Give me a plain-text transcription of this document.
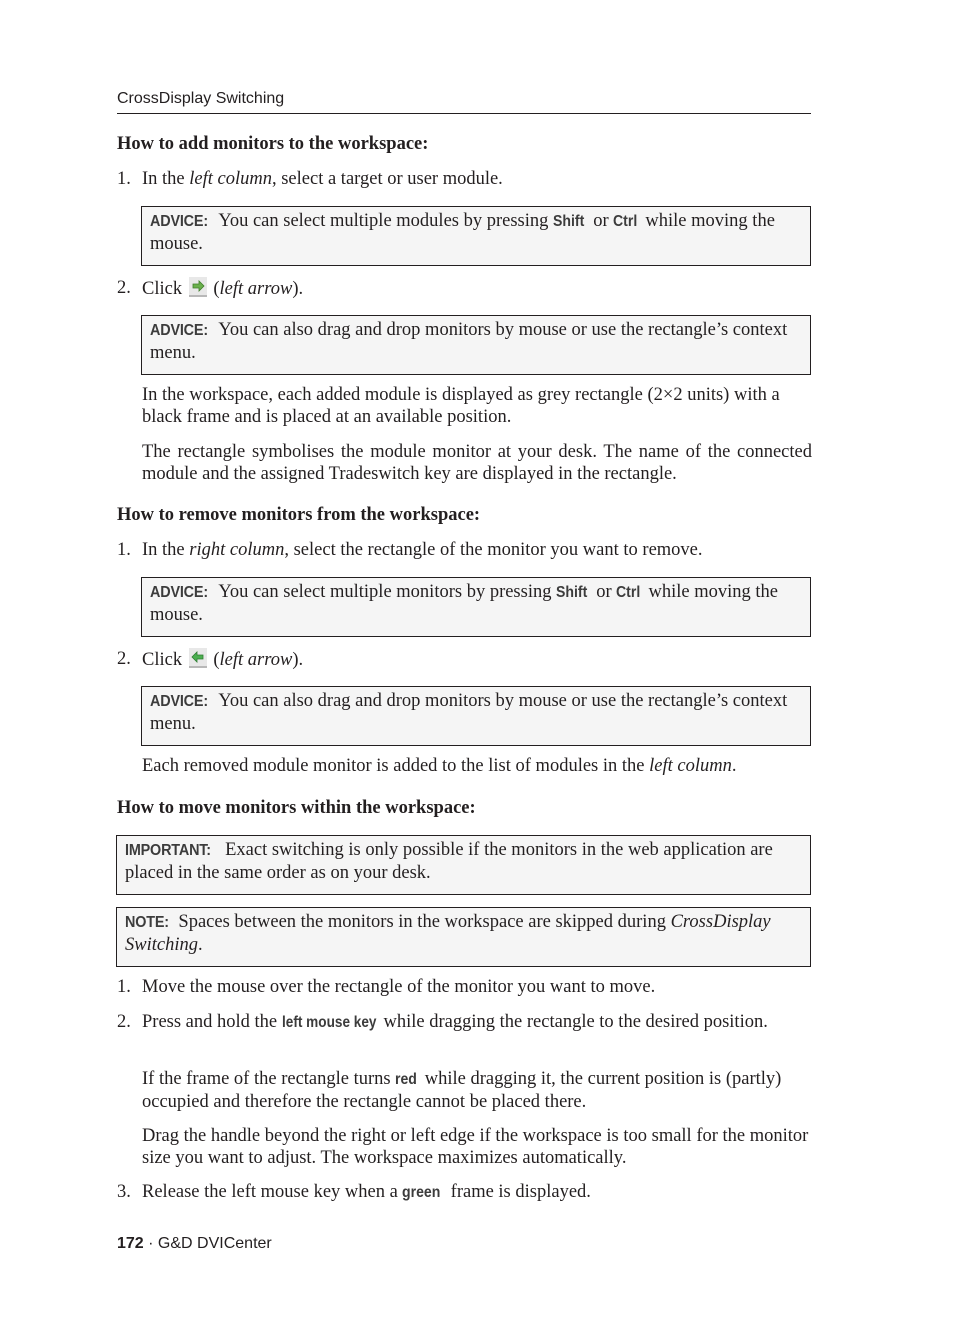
CrossDisplay Switching
How to add monitors to the workspace:
1. In the left column, select a target or user module.
ADVICE: You can select multiple modules by pressing Shift or Ctrl while moving the mouse.
2. Click
(left arrow).
ADVICE: You can also drag and drop monitors by mouse or use the rectangle’s context menu.
In the workspace, each added module is displayed as grey rectangle (2×2 units) with a black frame and is placed at an available position.
The rectangle symbolises the module monitor at your desk. The name of the connected module and the assigned Tradeswitch key are displayed in the rectangle.
How to remove monitors from the workspace:
1. In the right column, select the rectangle of the monitor you want to remove.
ADVICE: You can select multiple monitors by pressing Shift or Ctrl while moving the mouse.
2. Click
(left arrow).
ADVICE: You can also drag and drop monitors by mouse or use the rectangle’s context menu.
Each removed module monitor is added to the list of modules in the left column.
How to move monitors within the workspace:
IMPORTANT: Exact switching is only possible if the monitors in the web application are placed in the same order as on your desk.
NOTE: Spaces between the monitors in the workspace are skipped during CrossDisplay Switching.
1. Move the mouse over the rectangle of the monitor you want to move.
2. Press and hold the left mouse key while dragging the rectangle to the desired position.
If the frame of the rectangle turns red while dragging it, the current position is (partly) occupied and therefore the rectangle cannot be placed there.
Drag the handle beyond the right or left edge if the workspace is too small for the monitor size you want to adjust. The workspace maximizes automatically.
3. Release the left mouse key when a green frame is displayed.
172 · G&D DVICenter
